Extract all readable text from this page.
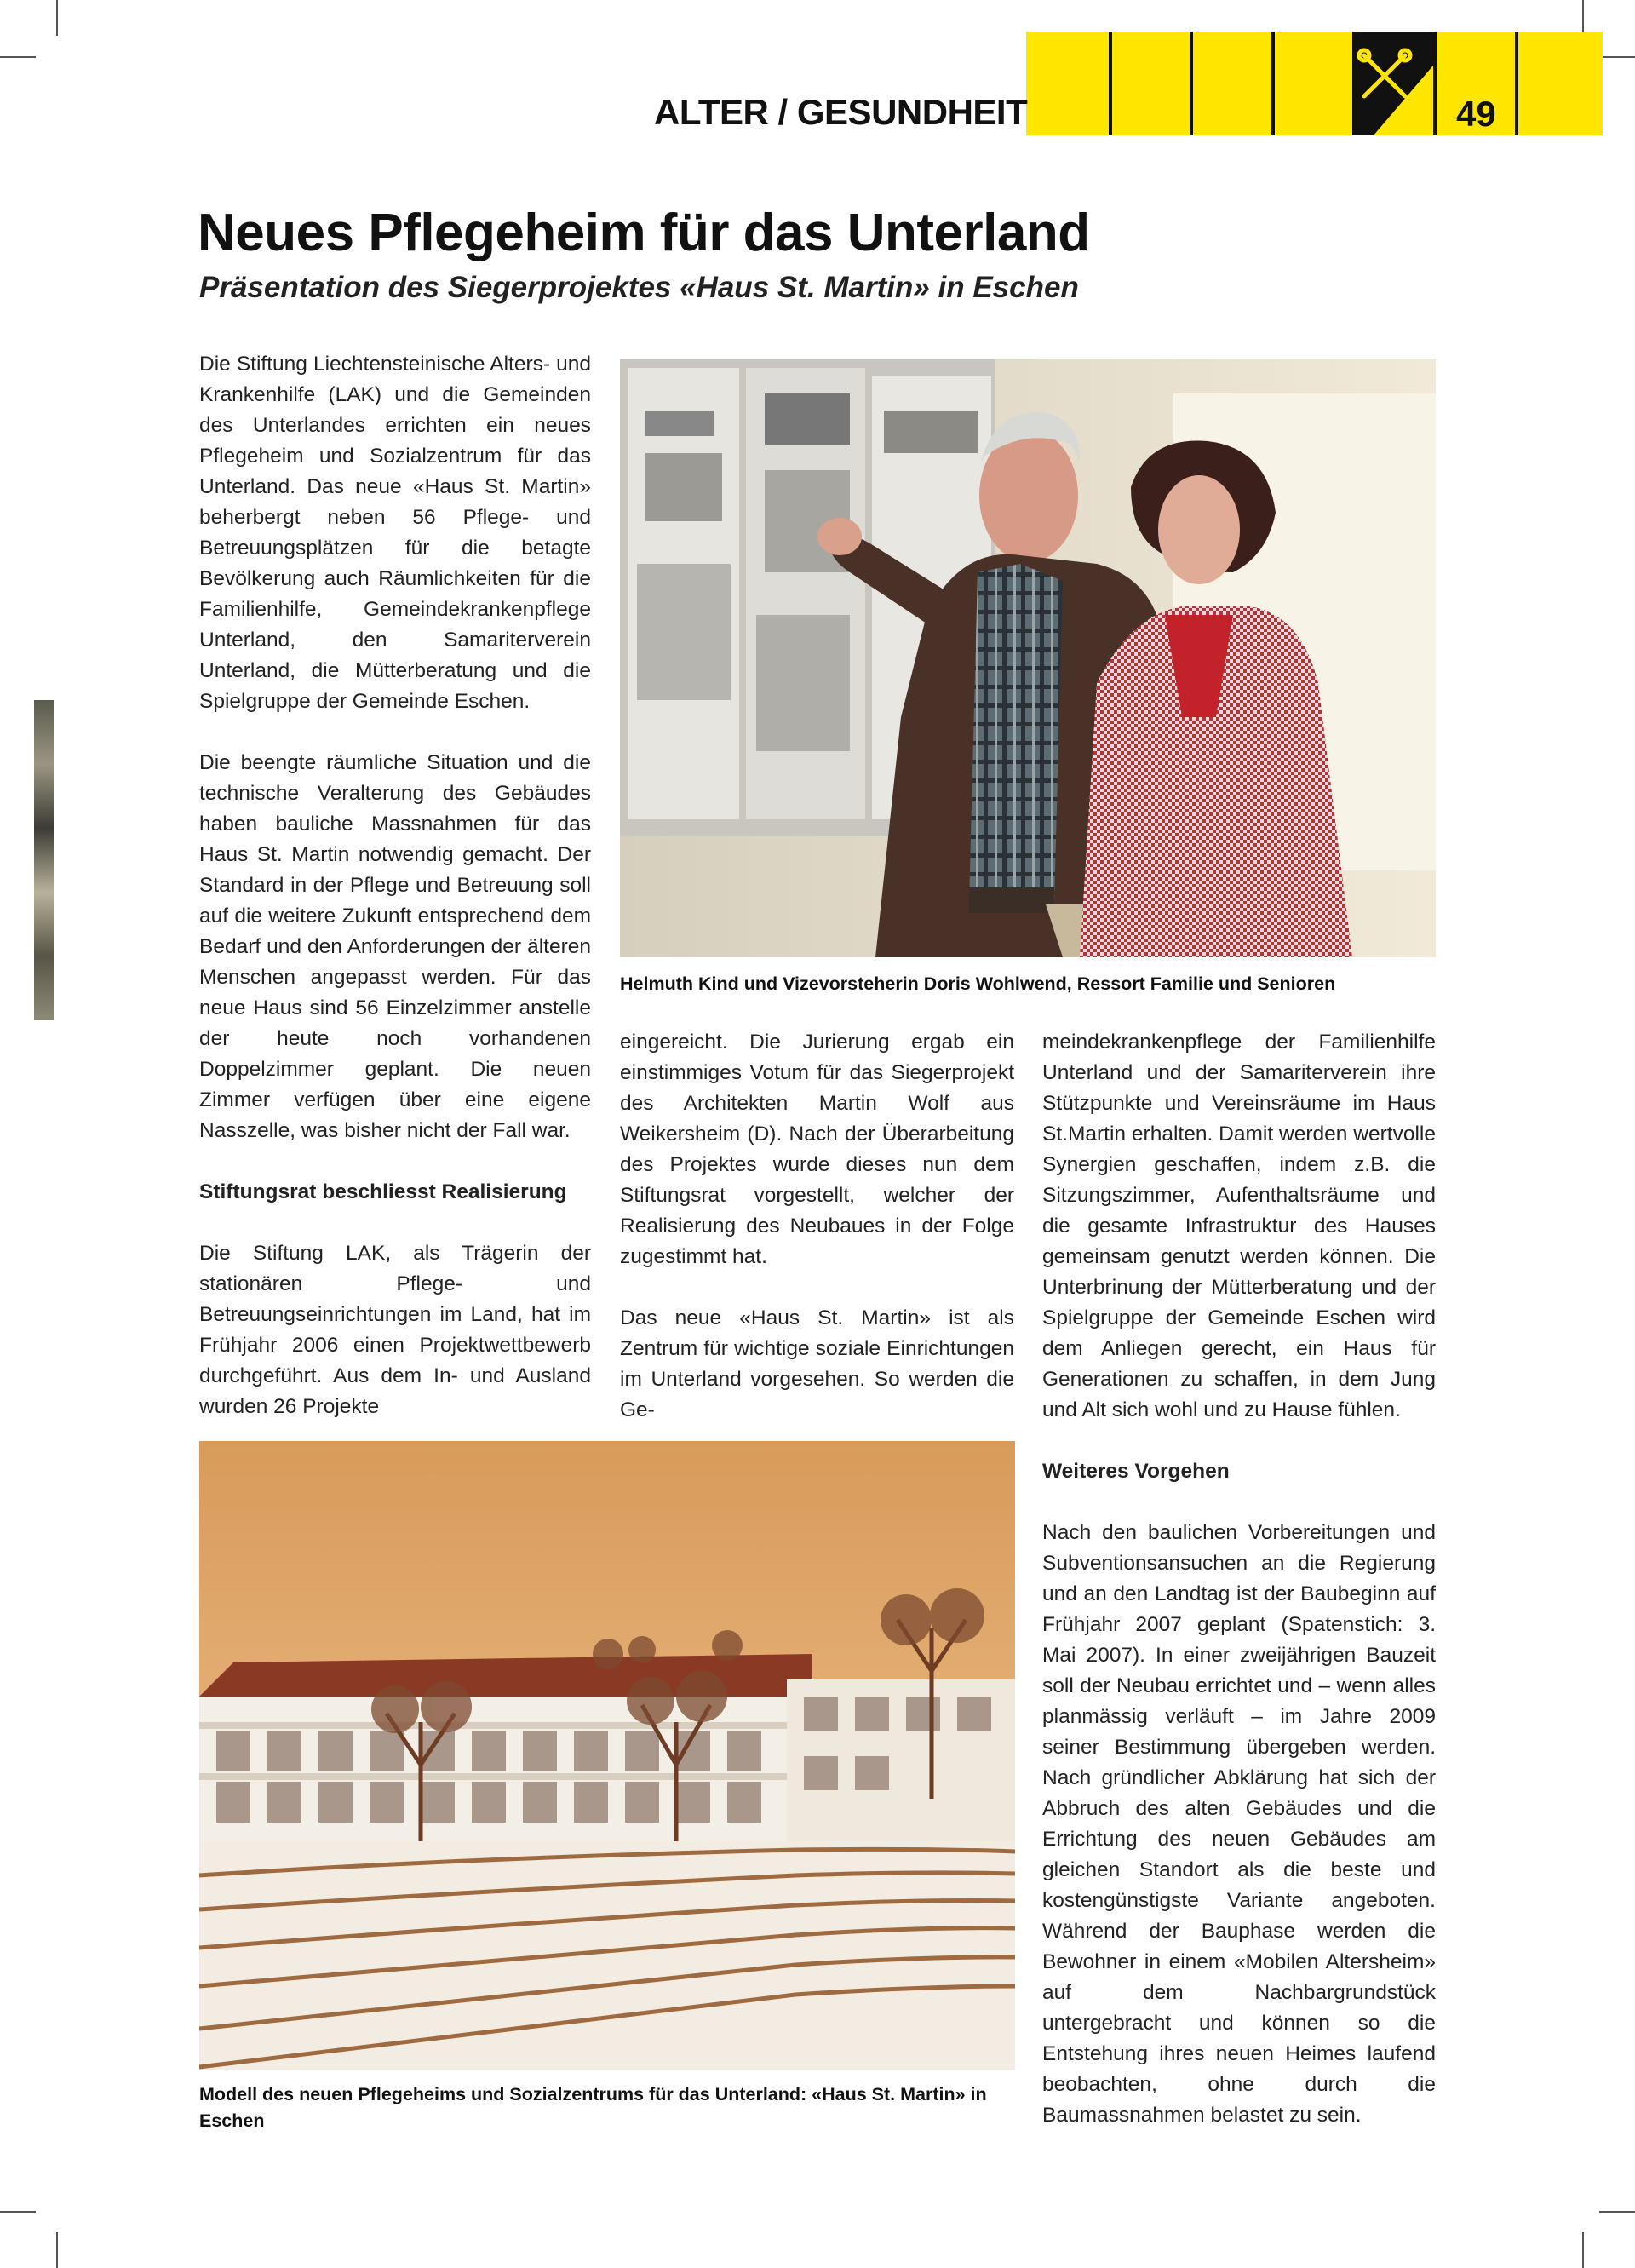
ALTER / GESUNDHEIT	49
Neues Pflegeheim für das Unterland
Präsentation des Siegerprojektes «Haus St. Martin» in Eschen

Die Stiftung Liechtensteinische Alters- und Krankenhilfe (LAK) und die Gemeinden des Unterlandes errichten ein neues Pflegeheim und Sozialzentrum für das Unterland. Das neue «Haus St. Martin» beherbergt neben 56 Pflege- und Betreuungsplätzen für die betagte Bevölkerung auch Räumlichkeiten für die Familienhilfe, Gemeindekrankenpflege Unterland, den Samariterverein Unterland, die Mütterberatung und die Spielgruppe der Gemeinde Eschen.

Die beengte räumliche Situation und die technische Veralterung des Gebäudes haben bauliche Massnahmen für das Haus St. Martin notwendig gemacht. Der Standard in der Pflege und Betreuung soll auf die weitere Zukunft entsprechend dem Bedarf und den Anforderungen der älteren Menschen angepasst werden. Für das neue Haus sind 56 Einzelzimmer anstelle der heute noch vorhandenen Doppelzimmer geplant. Die neuen Zimmer verfügen über eine eigene Nasszelle, was bisher nicht der Fall war.

Stiftungsrat beschliesst Realisierung

Die Stiftung LAK, als Trägerin der stationären Pflege- und Betreuungseinrichtungen im Land, hat im Frühjahr 2006 einen Projektwettbewerb durchgeführt. Aus dem In- und Ausland wurden 26 Projekte

Helmuth Kind und Vizevorsteherin Doris Wohlwend, Ressort Familie und Senioren

eingereicht. Die Jurierung ergab ein einstimmiges Votum für das Siegerprojekt des Architekten Martin Wolf aus Weikersheim (D). Nach der Überarbeitung des Projektes wurde dieses nun dem Stiftungsrat vorgestellt, welcher der Realisierung des Neubaues in der Folge zugestimmt hat.

Das neue «Haus St. Martin» ist als Zentrum für wichtige soziale Einrichtungen im Unterland vorgesehen. So werden die Ge-

meindekrankenpflege der Familienhilfe Unterland und der Samariterverein ihre Stützpunkte und Vereinsräume im Haus St.Martin erhalten. Damit werden wertvolle Synergien geschaffen, indem z.B. die Sitzungszimmer, Aufenthaltsräume und die gesamte Infrastruktur des Hauses gemeinsam genutzt werden können. Die Unterbrinung der Mütterberatung und der Spielgruppe der Gemeinde Eschen wird dem Anliegen gerecht, ein Haus für Generationen zu schaffen, in dem Jung und Alt sich wohl und zu Hause fühlen.

Weiteres Vorgehen

Nach den baulichen Vorbereitungen und Subventionsansuchen an die Regierung und an den Landtag ist der Baubeginn auf Frühjahr 2007 geplant (Spatenstich: 3. Mai 2007). In einer zweijährigen Bauzeit soll der Neubau errichtet und – wenn alles planmässig verläuft – im Jahre 2009 seiner Bestimmung übergeben werden. Nach gründlicher Abklärung hat sich der Abbruch des alten Gebäudes und die Errichtung des neuen Gebäudes am gleichen Standort als die beste und kostengünstigste Variante angeboten. Während der Bauphase werden die Bewohner in einem «Mobilen Altersheim» auf dem Nachbargrundstück untergebracht und können so die Entstehung ihres neuen Heimes laufend beobachten, ohne durch die Baumassnahmen belastet zu sein.

Modell des neuen Pflegeheims und Sozialzentrums für das Unterland: «Haus St. Martin» in Eschen
